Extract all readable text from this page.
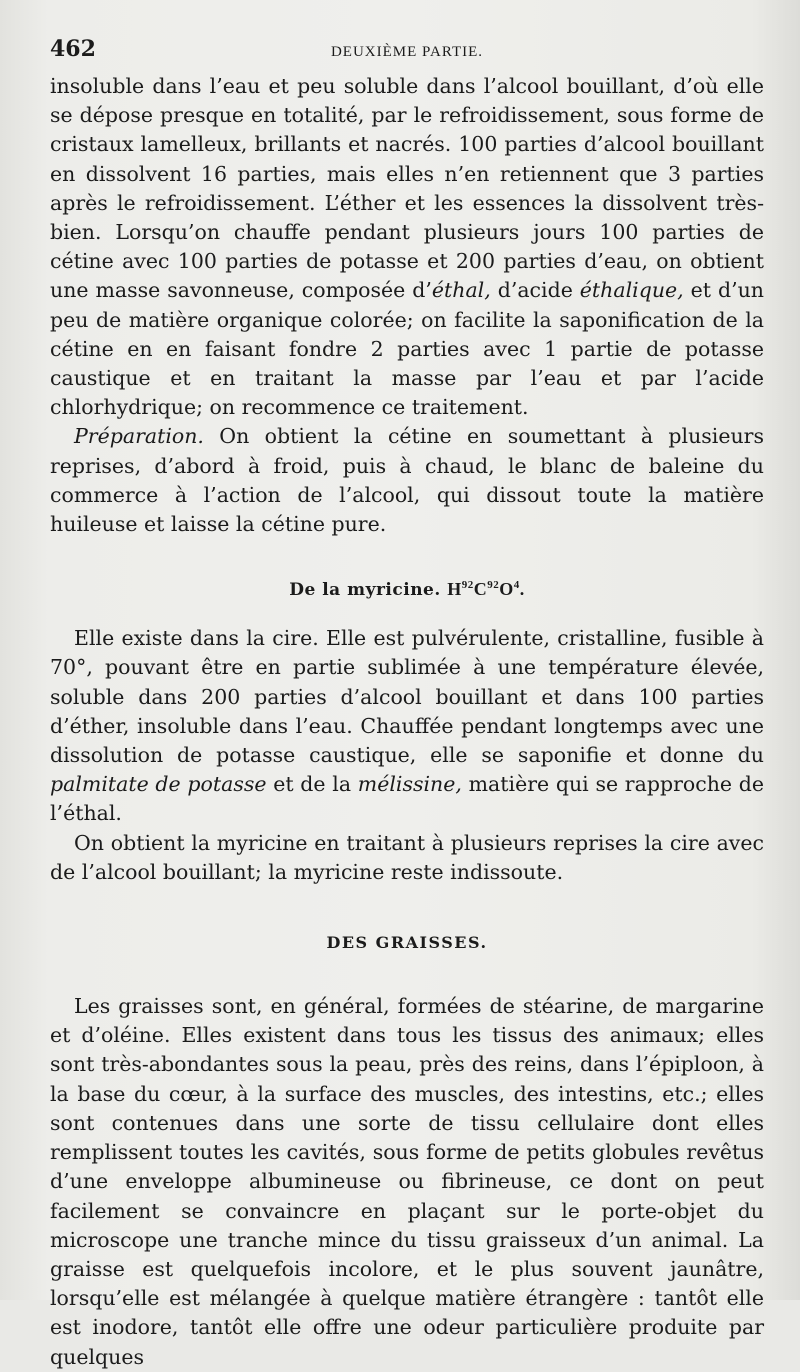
462	DEUXIÈME PARTIE.

insoluble dans l’eau et peu soluble dans l’alcool bouillant, d’où elle se dépose presque en totalité, par le refroidissement, sous forme de cristaux lamelleux, brillants et nacrés. 100 parties d’alcool bouillant en dissolvent 16 parties, mais elles n’en retiennent que 3 parties après le refroidissement. L’éther et les essences la dissolvent très-bien. Lorsqu’on chauffe pendant plusieurs jours 100 parties de cétine avec 100 parties de potasse et 200 parties d’eau, on obtient une masse savonneuse, composée d’éthal, d’acide éthalique, et d’un peu de matière organique colorée; on facilite la saponification de la cétine en en faisant fondre 2 parties avec 1 partie de potasse caustique et en traitant la masse par l’eau et par l’acide chlorhydrique; on recommence ce traitement.

Préparation. On obtient la cétine en soumettant à plusieurs reprises, d’abord à froid, puis à chaud, le blanc de baleine du commerce à l’action de l’alcool, qui dissout toute la matière huileuse et laisse la cétine pure.

De la myricine. $H^{92}C^{92}O^4$.

Elle existe dans la cire. Elle est pulvérulente, cristalline, fusible à 70°, pouvant être en partie sublimée à une température élevée, soluble dans 200 parties d’alcool bouillant et dans 100 parties d’éther, insoluble dans l’eau. Chauffée pendant longtemps avec une dissolution de potasse caustique, elle se saponifie et donne du palmitate de potasse et de la mélissine, matière qui se rapproche de l’éthal.

On obtient la myricine en traitant à plusieurs reprises la cire avec de l’alcool bouillant; la myricine reste indissoute.

DES GRAISSES.

Les graisses sont, en général, formées de stéarine, de margarine et d’oléine. Elles existent dans tous les tissus des animaux; elles sont très-abondantes sous la peau, près des reins, dans l’épiploon, à la base du cœur, à la surface des muscles, des intestins, etc.; elles sont contenues dans une sorte de tissu cellulaire dont elles remplissent toutes les cavités, sous forme de petits globules revêtus d’une enveloppe albumineuse ou fibrineuse, ce dont on peut facilement se convaincre en plaçant sur le porte-objet du microscope une tranche mince du tissu graisseux d’un animal. La graisse est quelquefois incolore, et le plus souvent jaunâtre, lorsqu’elle est mélangée à quelque matière étrangère : tantôt elle est inodore, tantôt elle offre une odeur particulière produite par quelques
